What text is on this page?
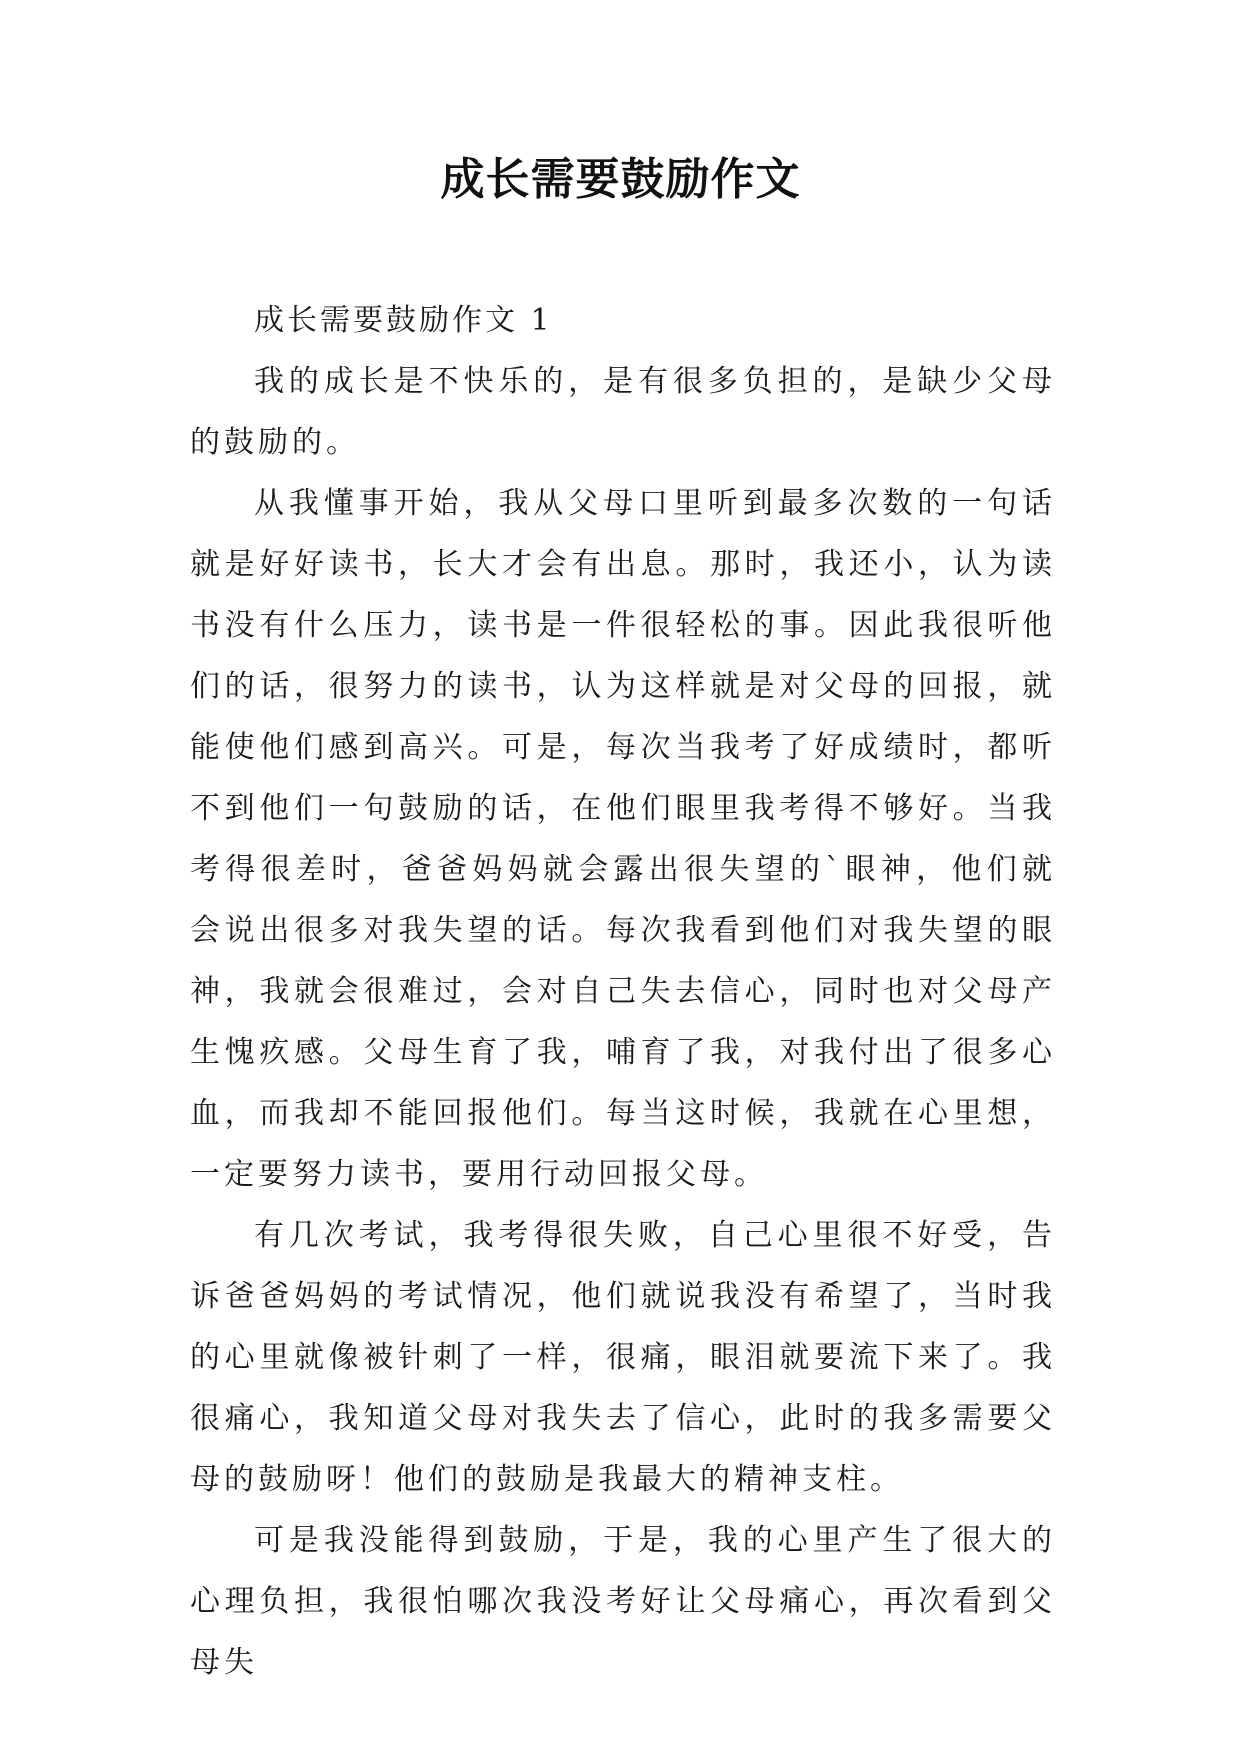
成长需要鼓励作文

成长需要鼓励作文 1

我的成长是不快乐的，是有很多负担的，是缺少父母的鼓励的。

从我懂事开始，我从父母口里听到最多次数的一句话就是好好读书，长大才会有出息。那时，我还小，认为读书没有什么压力，读书是一件很轻松的事。因此我很听他们的话，很努力的读书，认为这样就是对父母的回报，就能使他们感到高兴。可是，每次当我考了好成绩时，都听不到他们一句鼓励的话，在他们眼里我考得不够好。当我考得很差时，爸爸妈妈就会露出很失望的`眼神，他们就会说出很多对我失望的话。每次我看到他们对我失望的眼神，我就会很难过，会对自己失去信心，同时也对父母产生愧疚感。父母生育了我，哺育了我，对我付出了很多心血，而我却不能回报他们。每当这时候，我就在心里想，一定要努力读书，要用行动回报父母。

有几次考试，我考得很失败，自己心里很不好受，告诉爸爸妈妈的考试情况，他们就说我没有希望了，当时我的心里就像被针刺了一样，很痛，眼泪就要流下来了。我很痛心，我知道父母对我失去了信心，此时的我多需要父母的鼓励呀！他们的鼓励是我最大的精神支柱。

可是我没能得到鼓励，于是，我的心里产生了很大的心理负担，我很怕哪次我没考好让父母痛心，再次看到父母失
